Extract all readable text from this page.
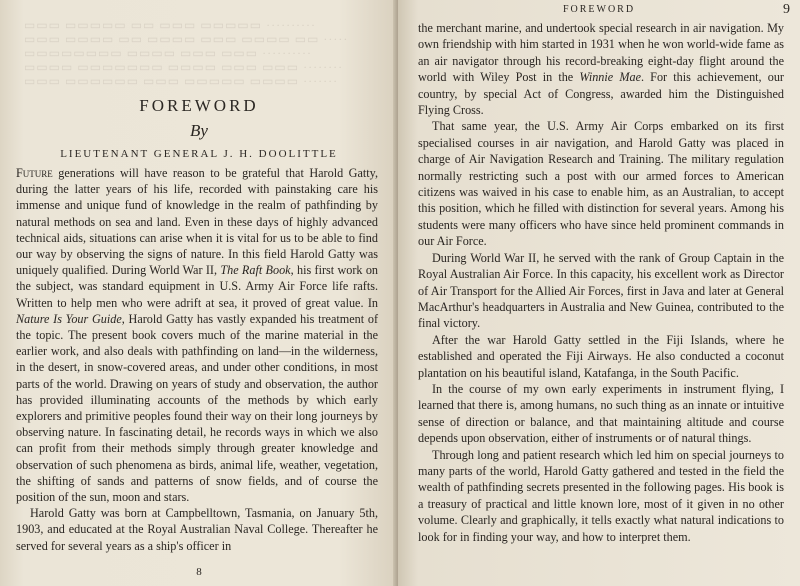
▭▭▭ ▭▭▭▭▭ ▭▭ ▭▭▭ ▭▭▭▭▭ ··········
▭▭▭ ▭▭▭▭ ▭▭ ▭▭▭▭ ▭▭▭ ▭▭▭▭ ▭▭ ·····
▭▭▭▭▭▭▭▭ ▭▭▭▭ ▭▭▭ ▭▭▭ ··········
▭▭▭▭ ▭▭▭▭▭▭▭ ▭▭▭▭ ▭▭▭ ▭▭▭ ········
▭▭▭ ▭▭▭▭▭▭ ▭▭▭ ▭▭▭▭▭ ▭▭▭▭ ·······
FOREWORD
By
LIEUTENANT GENERAL J. H. DOOLITTLE

Future generations will have reason to be grateful that Harold Gatty, during the latter years of his life, recorded with painstaking care his immense and unique fund of knowledge in the realm of pathfinding by natural methods on sea and land. Even in these days of highly advanced technical aids, situations can arise when it is vital for us to be able to find our way by observing the signs of nature. In this field Harold Gatty was uniquely qualified. During World War II, The Raft Book, his first work on the subject, was standard equipment in U.S. Army Air Force life rafts. Written to help men who were adrift at sea, it proved of great value. In Nature Is Your Guide, Harold Gatty has vastly expanded his treatment of the topic. The present book covers much of the marine material in the earlier work, and also deals with pathfinding on land—in the wilderness, in the desert, in snow-covered areas, and under other conditions, in most parts of the world. Drawing on years of study and observation, the author has provided illuminating accounts of the methods by which early explorers and primitive peoples found their way on their long journeys by observing nature. In fascinating detail, he records ways in which we also can profit from their methods simply through greater knowledge and observation of such phenomena as birds, animal life, weather, vegetation, the shifting of sands and patterns of snow fields, and of course the position of the sun, moon and stars.

Harold Gatty was born at Campbelltown, Tasmania, on January 5th, 1903, and educated at the Royal Australian Naval College. Thereafter he served for several years as a ship's officer in

8
FOREWORD	9

the merchant marine, and undertook special research in air navigation. My own friendship with him started in 1931 when he won world-wide fame as an air navigator through his record-breaking eight-day flight around the world with Wiley Post in the Winnie Mae. For this achievement, our country, by special Act of Congress, awarded him the Distinguished Flying Cross.

That same year, the U.S. Army Air Corps embarked on its first specialised courses in air navigation, and Harold Gatty was placed in charge of Air Navigation Research and Training. The military regulation normally restricting such a post with our armed forces to American citizens was waived in his case to enable him, as an Australian, to accept this position, which he filled with distinction for several years. Among his students were many officers who have since held prominent commands in our Air Force.

During World War II, he served with the rank of Group Captain in the Royal Australian Air Force. In this capacity, his excellent work as Director of Air Transport for the Allied Air Forces, first in Java and later at General MacArthur's headquarters in Australia and New Guinea, contributed to the final victory.

After the war Harold Gatty settled in the Fiji Islands, where he established and operated the Fiji Airways. He also conducted a coconut plantation on his beautiful island, Katafanga, in the South Pacific.

In the course of my own early experiments in instrument flying, I learned that there is, among humans, no such thing as an innate or intuitive sense of direction or balance, and that maintaining altitude and course depends upon observation, either of instruments or of natural things.

Through long and patient research which led him on special journeys to many parts of the world, Harold Gatty gathered and tested in the field the wealth of pathfinding secrets presented in the following pages. His book is a treasury of practical and little known lore, most of it given in no other volume. Clearly and graphically, it tells exactly what natural indications to look for in finding your way, and how to interpret them.
